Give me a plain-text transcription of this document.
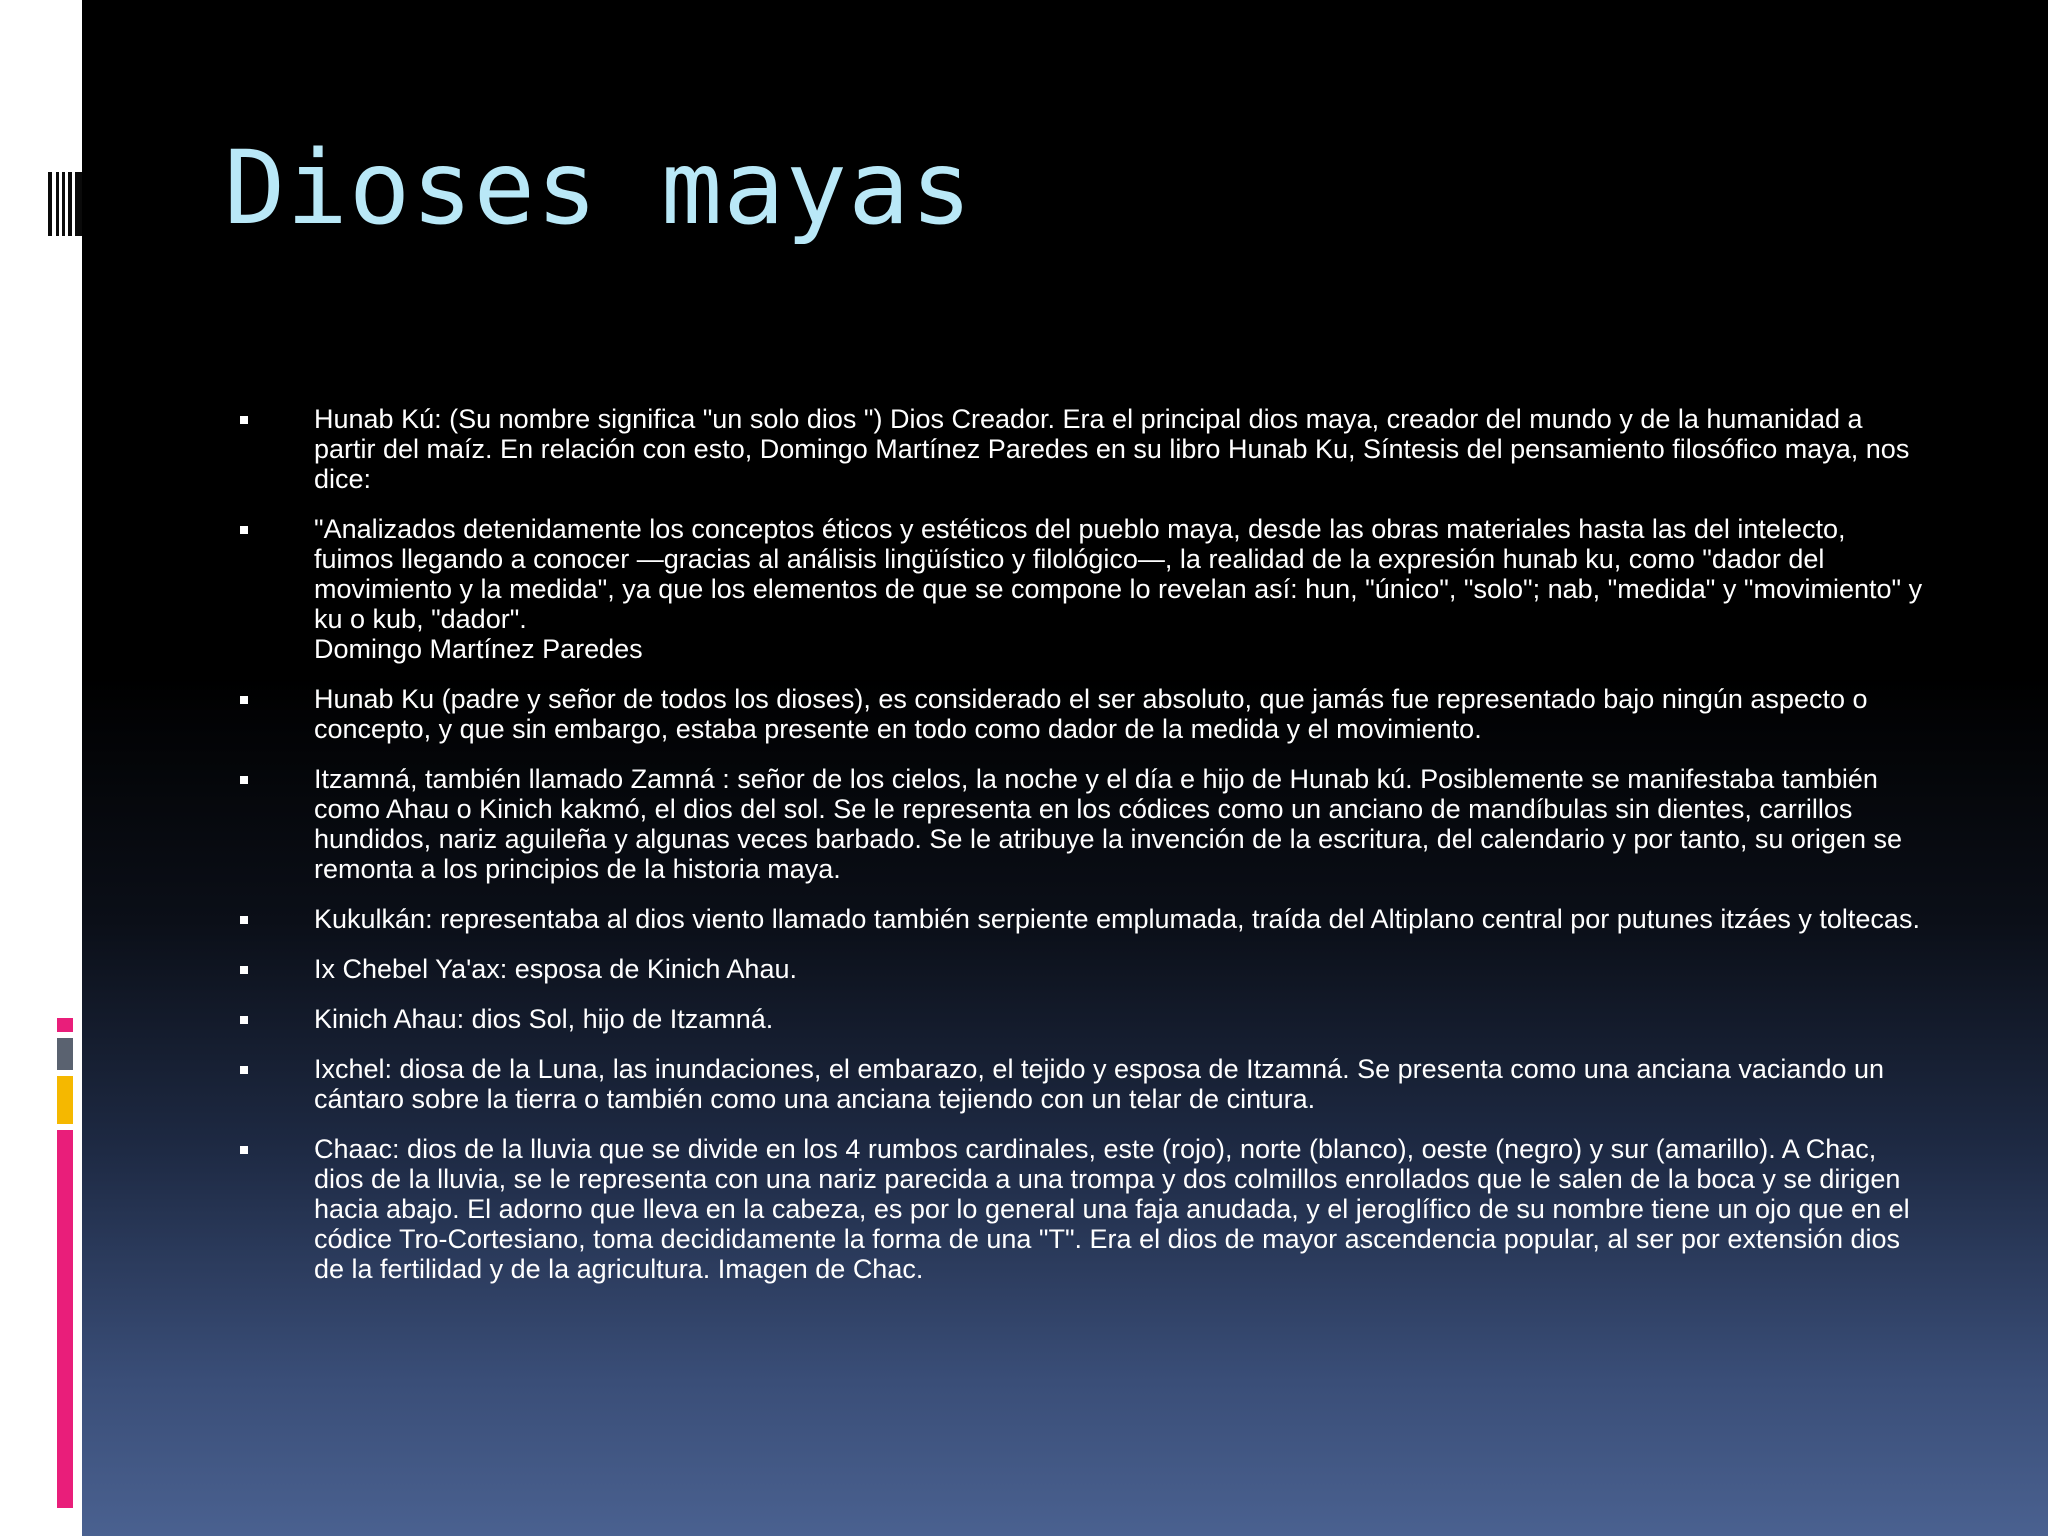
Dioses mayas
Hunab Kú: (Su nombre significa "un solo dios ") Dios Creador. Era el principal dios maya, creador del mundo y de la humanidad a partir del maíz. En relación con esto, Domingo Martínez Paredes en su libro Hunab Ku, Síntesis del pensamiento filosófico maya, nos dice:
"Analizados detenidamente los conceptos éticos y estéticos del pueblo maya, desde las obras materiales hasta las del intelecto, fuimos llegando a conocer —gracias al análisis lingüístico y filológico—, la realidad de la expresión hunab ku, como "dador del movimiento y la medida", ya que los elementos de que se compone lo revelan así: hun, "único", "solo"; nab, "medida" y "movimiento" y ku o kub, "dador".
Domingo Martínez Paredes
Hunab Ku (padre y señor de todos los dioses), es considerado el ser absoluto, que jamás fue representado bajo ningún aspecto o concepto, y que sin embargo, estaba presente en todo como dador de la medida y el movimiento.
Itzamná, también llamado Zamná : señor de los cielos, la noche y el día e hijo de Hunab kú. Posiblemente se manifestaba también como Ahau o Kinich kakmó, el dios del sol. Se le representa en los códices como un anciano de mandíbulas sin dientes, carrillos hundidos, nariz aguileña y algunas veces barbado. Se le atribuye la invención de la escritura, del calendario y por tanto, su origen se remonta a los principios de la historia maya.
Kukulkán: representaba al dios viento llamado también serpiente emplumada, traída del Altiplano central por putunes itzáes y toltecas.
Ix Chebel Ya'ax: esposa de Kinich Ahau.
Kinich Ahau: dios Sol, hijo de Itzamná.
Ixchel: diosa de la Luna, las inundaciones, el embarazo, el tejido y esposa de Itzamná. Se presenta como una anciana vaciando un cántaro sobre la tierra o también como una anciana tejiendo con un telar de cintura.
Chaac: dios de la lluvia que se divide en los 4 rumbos cardinales, este (rojo), norte (blanco), oeste (negro) y sur (amarillo). A Chac, dios de la lluvia, se le representa con una nariz parecida a una trompa y dos colmillos enrollados que le salen de la boca y se dirigen hacia abajo. El adorno que lleva en la cabeza, es por lo general una faja anudada, y el jeroglífico de su nombre tiene un ojo que en el códice Tro-Cortesiano, toma decididamente la forma de una "T". Era el dios de mayor ascendencia popular, al ser por extensión dios de la fertilidad y de la agricultura. Imagen de Chac.
